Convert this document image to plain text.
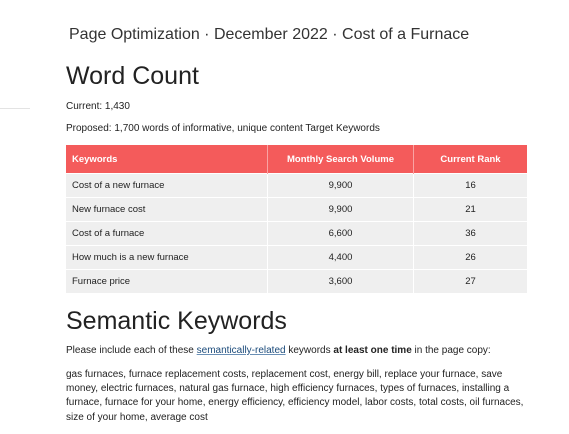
Page Optimization · December 2022 · Cost of a Furnace
Word Count
Current: 1,430
Proposed: 1,700 words of informative, unique content Target Keywords
Keywords	Monthly Search Volume	Current Rank
Cost of a new furnace	9,900	16
New furnace cost	9,900	21
Cost of a furnace	6,600	36
How much is a new furnace	4,400	26
Furnace price	3,600	27
Semantic Keywords
Please include each of these semantically-related keywords at least one time in the page copy:
gas furnaces, furnace replacement costs, replacement cost, energy bill, replace your furnace, save money, electric furnaces, natural gas furnace, high efficiency furnaces, types of furnaces, installing a furnace, furnace for your home, energy efficiency, efficiency model, labor costs, total costs, oil furnaces, size of your home, average cost
